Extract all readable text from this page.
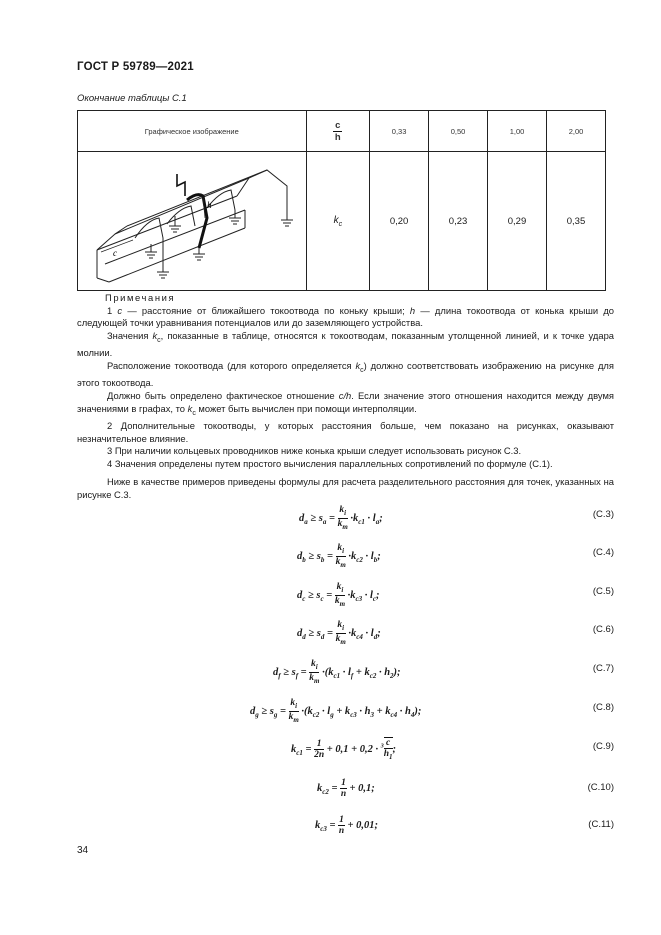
ГОСТ Р 59789—2021
Окончание таблицы С.1
Графическое изображение	$\frac{c}{h}$	0,33	0,50	1,00	2,00

c
h	$k_c$	0,20	0,23	0,29	0,35

Примечания

1 c — расстояние от ближайшего токоотвода по коньку крыши; h — длина токоотвода от конька крыши до следующей точки уравнивания потенциалов или до заземляющего устройства.

Значения $k_c$, показанные в таблице, относятся к токоотводам, показанным утолщенной линией, и к точке удара молнии.

Расположение токоотвода (для которого определяется $k_c$) должно соответствовать изображению на рисунке для этого токоотвода.

Должно быть определено фактическое отношение c/h. Если значение этого отношения находится между двумя значениями в графах, то $k_c$ может быть вычислен при помощи интерполяции.

2 Дополнительные токоотводы, у которых расстояния больше, чем показано на рисунках, оказывают незначительное влияние.

3 При наличии кольцевых проводников ниже конька крыши следует использовать рисунок С.3.

4 Значения определены путем простого вычисления параллельных сопротивлений по формуле (С.1).

Ниже в качестве примеров приведены формулы для расчета разделительного расстояния для точек, указанных на рисунке С.3.

$d_a \ge s_a = \frac{k_i}{k_m} \cdot k_{c1} \cdot l_a$;	(С.3)
$d_b \ge s_b = \frac{k_i}{k_m} \cdot k_{c2} \cdot l_b$;	(С.4)
$d_c \ge s_c = \frac{k_i}{k_m} \cdot k_{c3} \cdot l_c$;	(С.5)
$d_d \ge s_d = \frac{k_i}{k_m} \cdot k_{c4} \cdot l_d$;	(С.6)
$d_f \ge s_f = \frac{k_i}{k_m} \cdot(k_{c1} \cdot l_f + k_{c2} \cdot h_2)$;	(С.7)
$d_g \ge s_g = \frac{k_i}{k_m} \cdot(k_{c2} \cdot l_g + k_{c3} \cdot h_3 + k_{c4} \cdot h_4)$;	(С.8)
$k_{c1} = \frac{1}{2n} + 0,1 + 0,2 \cdot ^3 \frac{c}{h_1}$ ;	(С.9)
$k_{c2} = \frac{1}{n} + 0,1$;	(С.10)
$k_{c3} = \frac{1}{n} + 0,01$;	(С.11)
34
